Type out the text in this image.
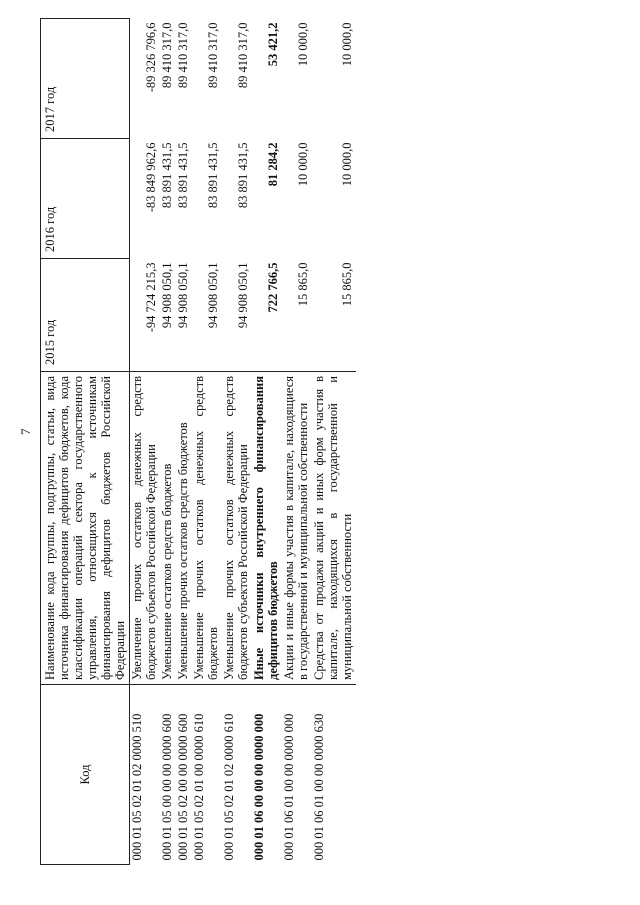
7
Код	Наименование кода группы, подгруппы, статьи, вида источника финансирования дефицитов бюджетов, кода классификации операций сектора государственного управления, относящихся к источникам финансирования дефицитов бюджетов Российской Федерации	2015 год	2016 год	2017 год
000 01 05 02 01 02 0000 510	Увеличение прочих остатков денежных средств бюджетов субъектов Российской Федерации	-94 724 215,3	-83 849 962,6	-89 326 796,6
000 01 05 00 00 00 0000 600	Уменьшение остатков средств бюджетов	94 908 050,1	83 891 431,5	89 410 317,0
000 01 05 02 00 00 0000 600	Уменьшение прочих остатков средств бюджетов	94 908 050,1	83 891 431,5	89 410 317,0
000 01 05 02 01 00 0000 610	Уменьшение прочих остатков денежных средств бюджетов	94 908 050,1	83 891 431,5	89 410 317,0
000 01 05 02 01 02 0000 610	Уменьшение прочих остатков денежных средств бюджетов субъектов Российской Федерации	94 908 050,1	83 891 431,5	89 410 317,0
000 01 06 00 00 00 0000 000	Иные источники внутреннего финансирования дефицитов бюджетов	722 766,5	81 284,2	53 421,2
000 01 06 01 00 00 0000 000	Акции и иные формы участия в капитале, находящиеся в государственной и муниципальной собственности	15 865,0	10 000,0	10 000,0
000 01 06 01 00 00 0000 630	Средства от продажи акций и иных форм участия в капитале, находящихся в государственной и муниципальной собственности	15 865,0	10 000,0	10 000,0
